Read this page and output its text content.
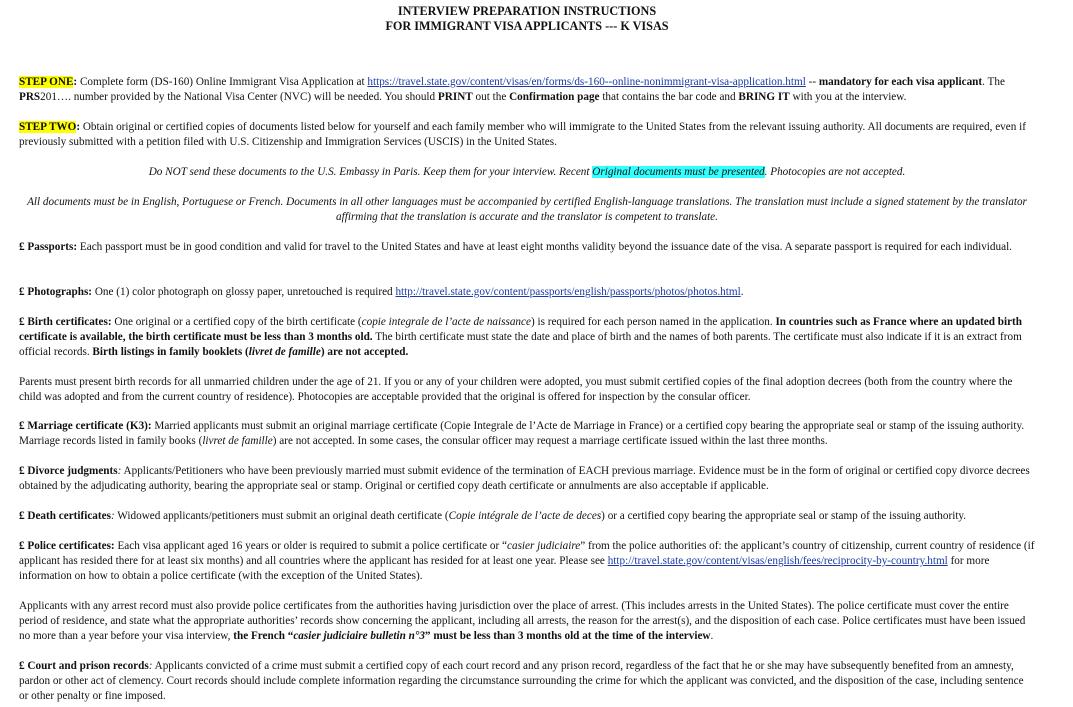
INTERVIEW PREPARATION INSTRUCTIONS

FOR IMMIGRANT VISA APPLICANTS --- K VISAS

STEP ONE: Complete form (DS-160) Online Immigrant Visa Application at https://travel.state.gov/content/visas/en/forms/ds-160--online-nonimmigrant-visa-application.html -- mandatory for each visa applicant. The PRS201…. number provided by the National Visa Center (NVC) will be needed. You should PRINT out the Confirmation page that contains the bar code and BRING IT with you at the interview.

STEP TWO: Obtain original or certified copies of documents listed below for yourself and each family member who will immigrate to the United States from the relevant issuing authority. All documents are required, even if previously submitted with a petition filed with U.S. Citizenship and Immigration Services (USCIS) in the United States.

Do NOT send these documents to the U.S. Embassy in Paris. Keep them for your interview. Recent Original documents must be presented. Photocopies are not accepted.

All documents must be in English, Portuguese or French. Documents in all other languages must be accompanied by certified English-language translations. The translation must include a signed statement by the translator affirming that the translation is accurate and the translator is competent to translate.

£ Passports: Each passport must be in good condition and valid for travel to the United States and have at least eight months validity beyond the issuance date of the visa. A separate passport is required for each individual.

£ Photographs: One (1) color photograph on glossy paper, unretouched is required http://travel.state.gov/content/passports/english/passports/photos/photos.html.

£ Birth certificates: One original or a certified copy of the birth certificate (copie integrale de l’acte de naissance) is required for each person named in the application. In countries such as France where an updated birth certificate is available, the birth certificate must be less than 3 months old. The birth certificate must state the date and place of birth and the names of both parents. The certificate must also indicate if it is an extract from official records. Birth listings in family booklets (livret de famille) are not accepted.

Parents must present birth records for all unmarried children under the age of 21. If you or any of your children were adopted, you must submit certified copies of the final adoption decrees (both from the country where the child was adopted and from the current country of residence). Photocopies are acceptable provided that the original is offered for inspection by the consular officer.

£ Marriage certificate (K3): Married applicants must submit an original marriage certificate (Copie Integrale de l’Acte de Marriage in France) or a certified copy bearing the appropriate seal or stamp of the issuing authority. Marriage records listed in family books (livret de famille) are not accepted. In some cases, the consular officer may request a marriage certificate issued within the last three months.

£ Divorce judgments: Applicants/Petitioners who have been previously married must submit evidence of the termination of EACH previous marriage. Evidence must be in the form of original or certified copy divorce decrees obtained by the adjudicating authority, bearing the appropriate seal or stamp. Original or certified copy death certificate or annulments are also acceptable if applicable.

£ Death certificates: Widowed applicants/petitioners must submit an original death certificate (Copie intégrale de l’acte de deces) or a certified copy bearing the appropriate seal or stamp of the issuing authority.

£ Police certificates: Each visa applicant aged 16 years or older is required to submit a police certificate or “casier judiciaire” from the police authorities of: the applicant’s country of citizenship, current country of residence (if applicant has resided there for at least six months) and all countries where the applicant has resided for at least one year. Please see http://travel.state.gov/content/visas/english/fees/reciprocity-by-country.html for more information on how to obtain a police certificate (with the exception of the United States).

Applicants with any arrest record must also provide police certificates from the authorities having jurisdiction over the place of arrest. (This includes arrests in the United States). The police certificate must cover the entire period of residence, and state what the appropriate authorities’ records show concerning the applicant, including all arrests, the reason for the arrest(s), and the disposition of each case. Police certificates must have been issued no more than a year before your visa interview, the French “casier judiciaire bulletin n°3” must be less than 3 months old at the time of the interview.

£ Court and prison records: Applicants convicted of a crime must submit a certified copy of each court record and any prison record, regardless of the fact that he or she may have subsequently benefited from an amnesty, pardon or other act of clemency. Court records should include complete information regarding the circumstance surrounding the crime for which the applicant was convicted, and the disposition of the case, including sentence or other penalty or fine imposed.
